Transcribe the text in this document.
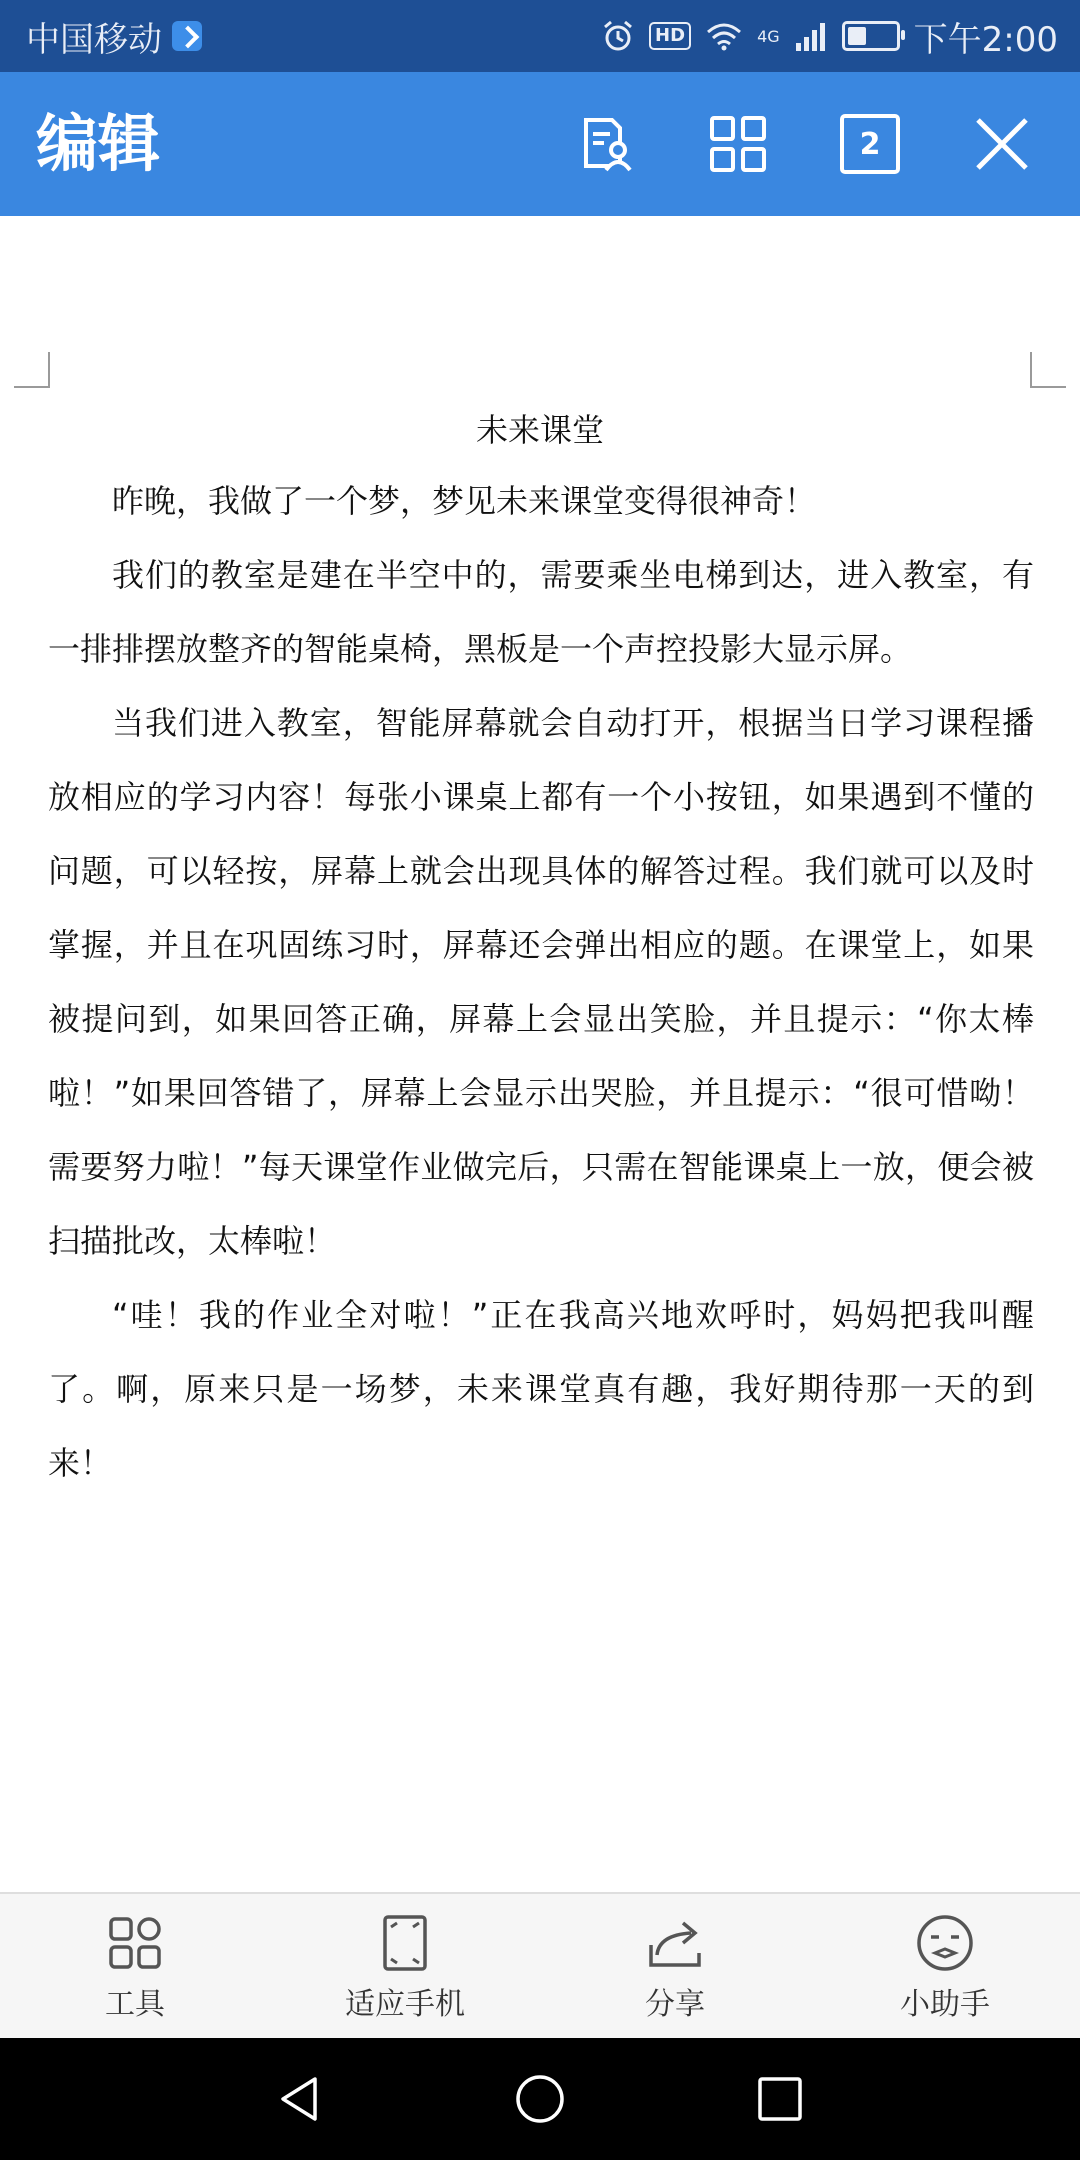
中国移动	HD	4G	下午2:00
编辑	2
未来课堂

昨晚，我做了一个梦，梦见未来课堂变得很神奇！

我们的教室是建在半空中的，需要乘坐电梯到达，进入教室，有一排排摆放整齐的智能桌椅，黑板是一个声控投影大显示屏。

当我们进入教室，智能屏幕就会自动打开，根据当日学习课程播放相应的学习内容！每张小课桌上都有一个小按钮，如果遇到不懂的问题，可以轻按，屏幕上就会出现具体的解答过程。我们就可以及时掌握，并且在巩固练习时，屏幕还会弹出相应的题。在课堂上，如果被提问到，如果回答正确，屏幕上会显出笑脸，并且提示：“你太棒啦！”如果回答错了，屏幕上会显示出哭脸，并且提示：“很可惜呦！需要努力啦！”每天课堂作业做完后，只需在智能课桌上一放，便会被扫描批改，太棒啦！

“哇！我的作业全对啦！”正在我高兴地欢呼时，妈妈把我叫醒了。啊，原来只是一场梦，未来课堂真有趣，我好期待那一天的到来！

工具	适应手机	分享	小助手
